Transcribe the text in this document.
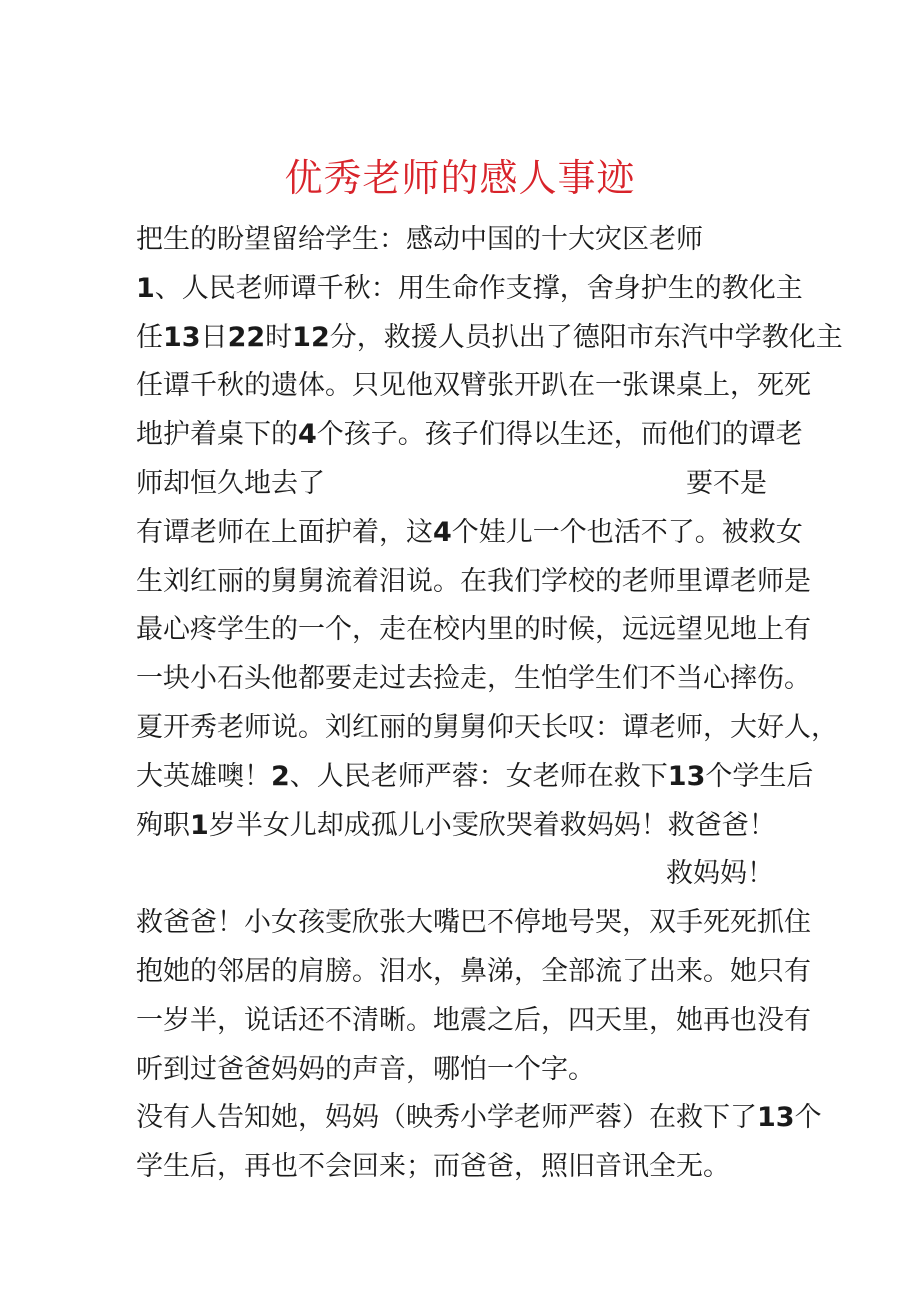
优秀老师的感人事迹
把生的盼望留给学生：感动中国的十大灾区老师
1、人民老师谭千秋：用生命作支撑，舍身护生的教化主
任13日22时12分，救援人员扒出了德阳市东汽中学教化主
任谭千秋的遗体。只见他双臂张开趴在一张课桌上，死死
地护着桌下的4个孩子。孩子们得以生还，而他们的谭老
师却恒久地去了	要不是
有谭老师在上面护着，这4个娃儿一个也活不了。被救女
生刘红丽的舅舅流着泪说。在我们学校的老师里谭老师是
最心疼学生的一个，走在校内里的时候，远远望见地上有
一块小石头他都要走过去捡走，生怕学生们不当心摔伤。
夏开秀老师说。刘红丽的舅舅仰天长叹：谭老师，大好人，
大英雄噢！2、人民老师严蓉：女老师在救下13个学生后
殉职1岁半女儿却成孤儿小雯欣哭着救妈妈！救爸爸！
救妈妈！
救爸爸！小女孩雯欣张大嘴巴不停地号哭，双手死死抓住
抱她的邻居的肩膀。泪水，鼻涕，全部流了出来。她只有
一岁半，说话还不清晰。地震之后，四天里，她再也没有
听到过爸爸妈妈的声音，哪怕一个字。
没有人告知她，妈妈（映秀小学老师严蓉）在救下了13个
学生后，再也不会回来；而爸爸，照旧音讯全无。
